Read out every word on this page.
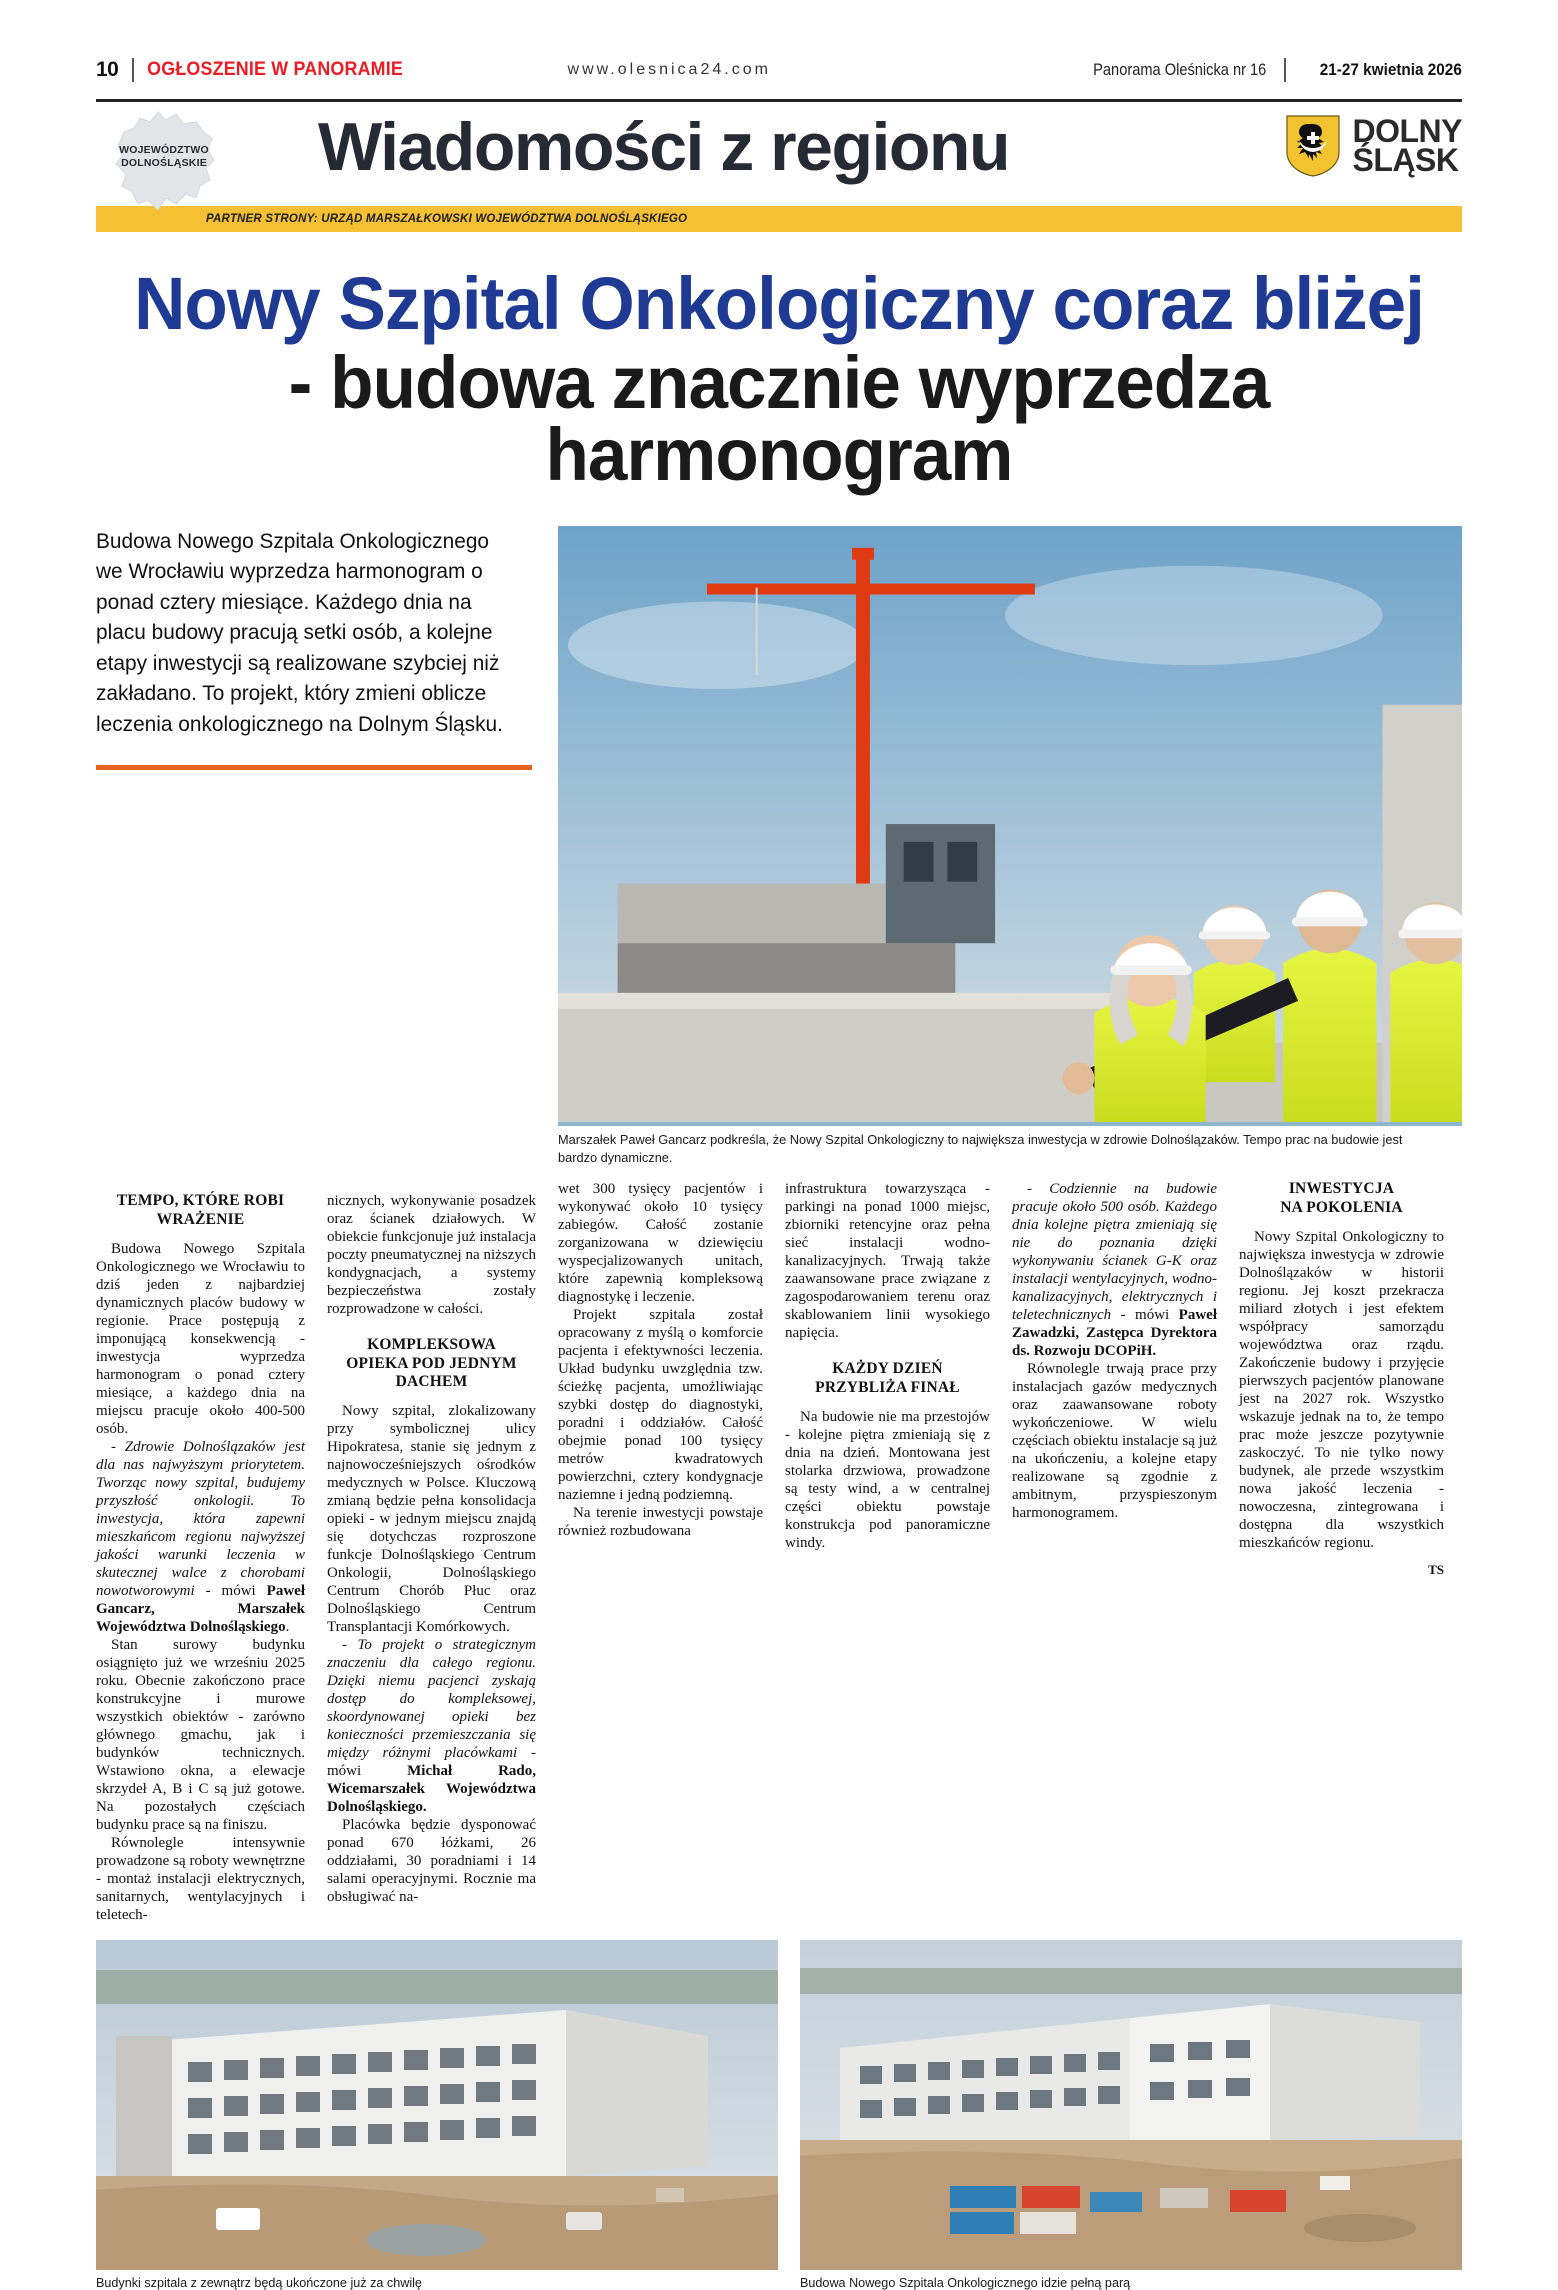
10	OGŁOSZENIE W PANORAMIE	www.olesnica24.com	Panorama Oleśnicka nr 16	21-27 kwietnia 2026
WOJEWÓDZTWO
DOLNOŚLĄSKIE Wiadomości z regionu	DOLNY
ŚLĄSK
PARTNER STRONY: URZĄD MARSZAŁKOWSKI WOJEWÓDZTWA DOLNOŚLĄSKIEGO
Nowy Szpital Onkologiczny coraz bliżej
- budowa znacznie wyprzedza harmonogram
Budowa Nowego Szpitala Onkologicznego we Wrocławiu wyprzedza harmonogram o ponad cztery miesiące. Każdego dnia na placu budowy pracują setki osób, a kolejne etapy inwestycji są realizowane szybciej niż zakładano. To projekt, który zmieni oblicze leczenia onkologicznego na Dolnym Śląsku.
Marszałek Paweł Gancarz podkreśla, że Nowy Szpital Onkologiczny to największa inwestycja w zdrowie Dolnoślązaków. Tempo prac na budowie jest bardzo dynamiczne.
TEMPO, KTÓRE ROBI
WRAŻENIE

Budowa Nowego Szpitala Onkologicznego we Wrocławiu to dziś jeden z najbardziej dynamicznych placów budowy w regionie. Prace postępują z imponującą konsekwencją - inwestycja wyprzedza harmonogram o ponad cztery miesiące, a każdego dnia na miejscu pracuje około 400-500 osób.

- Zdrowie Dolnoślązaków jest dla nas najwyższym priorytetem. Tworząc nowy szpital, budujemy przyszłość onkologii. To inwestycja, która zapewni mieszkańcom regionu najwyższej jakości warunki leczenia w skutecznej walce z chorobami nowotworowymi - mówi Paweł Gancarz, Marszałek Województwa Dolnośląskiego.

Stan surowy budynku osiągnięto już we wrześniu 2025 roku. Obecnie zakończono prace konstrukcyjne i murowe wszystkich obiektów - zarówno głównego gmachu, jak i budynków technicznych. Wstawiono okna, a elewacje skrzydeł A, B i C są już gotowe. Na pozostałych częściach budynku prace są na finiszu.

Równolegle intensywnie prowadzone są roboty wewnętrzne - montaż instalacji elektrycznych, sanitarnych, wentylacyjnych i teletech-

nicznych, wykonywanie posadzek oraz ścianek działowych. W obiekcie funkcjonuje już instalacja poczty pneumatycznej na niższych kondygnacjach, a systemy bezpieczeństwa zostały rozprowadzone w całości.

KOMPLEKSOWA
OPIEKA POD JEDNYM
DACHEM

Nowy szpital, zlokalizowany przy symbolicznej ulicy Hipokratesa, stanie się jednym z najnowocześniejszych ośrodków medycznych w Polsce. Kluczową zmianą będzie pełna konsolidacja opieki - w jednym miejscu znajdą się dotychczas rozproszone funkcje Dolnośląskiego Centrum Onkologii, Dolnośląskiego Centrum Chorób Płuc oraz Dolnośląskiego Centrum Transplantacji Komórkowych.

- To projekt o strategicznym znaczeniu dla całego regionu. Dzięki niemu pacjenci zyskają dostęp do kompleksowej, skoordynowanej opieki bez konieczności przemieszczania się między różnymi placówkami - mówi Michał Rado, Wicemarszałek Województwa Dolnośląskiego.

Placówka będzie dysponować ponad 670 łóżkami, 26 oddziałami, 30 poradniami i 14 salami operacyjnymi. Rocznie ma obsługiwać na-

wet 300 tysięcy pacjentów i wykonywać około 10 tysięcy zabiegów. Całość zostanie zorganizowana w dziewięciu wyspecjalizowanych unitach, które zapewnią kompleksową diagnostykę i leczenie.

Projekt szpitala został opracowany z myślą o komforcie pacjenta i efektywności leczenia. Układ budynku uwzględnia tzw. ścieżkę pacjenta, umożliwiając szybki dostęp do diagnostyki, poradni i oddziałów. Całość obejmie ponad 100 tysięcy metrów kwadratowych powierzchni, cztery kondygnacje naziemne i jedną podziemną.

Na terenie inwestycji powstaje również rozbudowana

infrastruktura towarzysząca - parkingi na ponad 1000 miejsc, zbiorniki retencyjne oraz pełna sieć instalacji wodno-kanalizacyjnych. Trwają także zaawansowane prace związane z zagospodarowaniem terenu oraz skablowaniem linii wysokiego napięcia.

KAŻDY DZIEŃ
PRZYBLIŻA FINAŁ

Na budowie nie ma przestojów - kolejne piętra zmieniają się z dnia na dzień. Montowana jest stolarka drzwiowa, prowadzone są testy wind, a w centralnej części obiektu powstaje konstrukcja pod panoramiczne windy.

- Codziennie na budowie pracuje około 500 osób. Każdego dnia kolejne piętra zmieniają się nie do poznania dzięki wykonywaniu ścianek G-K oraz instalacji wentylacyjnych, wodno-kanalizacyjnych, elektrycznych i teletechnicznych - mówi Paweł Zawadzki, Zastępca Dyrektora ds. Rozwoju DCOPiH.

Równolegle trwają prace przy instalacjach gazów medycznych oraz zaawansowane roboty wykończeniowe. W wielu częściach obiektu instalacje są już na ukończeniu, a kolejne etapy realizowane są zgodnie z ambitnym, przyspieszonym harmonogramem.

INWESTYCJA
NA POKOLENIA

Nowy Szpital Onkologiczny to największa inwestycja w zdrowie Dolnoślązaków w historii regionu. Jej koszt przekracza miliard złotych i jest efektem współpracy samorządu województwa oraz rządu. Zakończenie budowy i przyjęcie pierwszych pacjentów planowane jest na 2027 rok. Wszystko wskazuje jednak na to, że tempo prac może jeszcze pozytywnie zaskoczyć. To nie tylko nowy budynek, ale przede wszystkim nowa jakość leczenia - nowoczesna, zintegrowana i dostępna dla wszystkich mieszkańców regionu.

TS
Budynki szpitala z zewnątrz będą ukończone już za chwilę	Budowa Nowego Szpitala Onkologicznego idzie pełną parą
